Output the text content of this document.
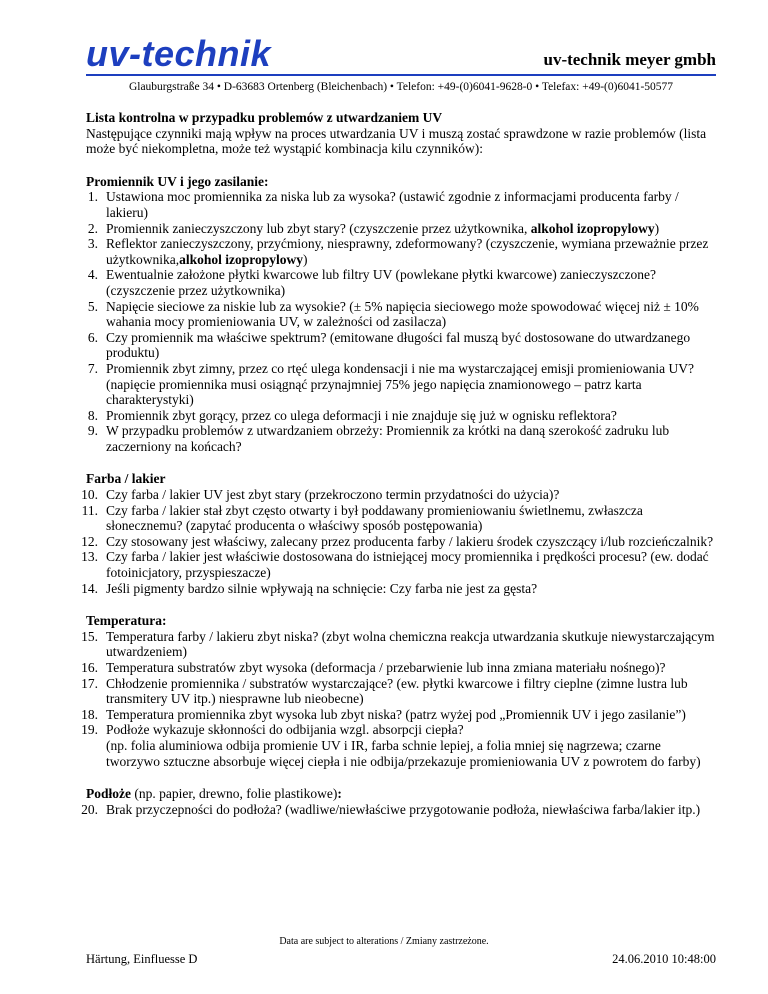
uv-technik	uv-technik meyer gmbh
Glauburgstraße 34 • D-63683 Ortenberg (Bleichenbach) • Telefon: +49-(0)6041-9628-0 • Telefax: +49-(0)6041-50577

Lista kontrolna w przypadku problemów z utwardzaniem UV

Następujące czynniki mają wpływ na proces utwardzania UV i muszą zostać sprawdzone w razie problemów (lista może być niekompletna, może też wystąpić kombinacja kilu czynników):

Promiennik UV i jego zasilanie:

1. Ustawiona moc promiennika za niska lub za wysoka? (ustawić zgodnie z informacjami producenta farby / lakieru)
2. Promiennik zanieczyszczony lub zbyt stary? (czyszczenie przez użytkownika, alkohol izopropylowy)
3. Reflektor zanieczyszczony, przyćmiony, niesprawny, zdeformowany? (czyszczenie, wymiana przeważnie przez użytkownika,alkohol izopropylowy)
4. Ewentualnie założone płytki kwarcowe lub filtry UV (powlekane płytki kwarcowe) zanieczyszczone? (czyszczenie przez użytkownika)
5. Napięcie sieciowe za niskie lub za wysokie? (± 5% napięcia sieciowego może spowodować więcej niż ± 10% wahania mocy promieniowania UV, w zależności od zasilacza)
6. Czy promiennik ma właściwe spektrum? (emitowane długości fal muszą być dostosowane do utwardzanego produktu)
7. Promiennik zbyt zimny, przez co rtęć ulega kondensacji i nie ma wystarczającej emisji promieniowania UV?
(napięcie promiennika musi osiągnąć przynajmniej 75% jego napięcia znamionowego – patrz karta charakterystyki)
8. Promiennik zbyt gorący, przez co ulega deformacji i nie znajduje się już w ognisku reflektora?
9. W przypadku problemów z utwardzaniem obrzeży: Promiennik za krótki na daną szerokość zadruku lub zaczerniony na końcach?

Farba / lakier

10. Czy farba / lakier UV jest zbyt stary (przekroczono termin przydatności do użycia)?
11. Czy farba / lakier stał zbyt często otwarty i był poddawany promieniowaniu świetlnemu, zwłaszcza słonecznemu? (zapytać producenta o właściwy sposób postępowania)
12. Czy stosowany jest właściwy, zalecany przez producenta farby / lakieru środek czyszczący i/lub rozcieńczalnik?
13. Czy farba / lakier jest właściwie dostosowana do istniejącej mocy promiennika i prędkości procesu? (ew. dodać fotoinicjatory, przyspieszacze)
14. Jeśli pigmenty bardzo silnie wpływają na schnięcie: Czy farba nie jest za gęsta?

Temperatura:

15. Temperatura farby / lakieru zbyt niska? (zbyt wolna chemiczna reakcja utwardzania skutkuje niewystarczającym utwardzeniem)
16. Temperatura substratów zbyt wysoka (deformacja / przebarwienie lub inna zmiana materiału nośnego)?
17. Chłodzenie promiennika / substratów wystarczające? (ew. płytki kwarcowe i filtry cieplne (zimne lustra lub transmitery UV itp.) niesprawne lub nieobecne)
18. Temperatura promiennika zbyt wysoka lub zbyt niska? (patrz wyżej pod „Promiennik UV i jego zasilanie”)
19. Podłoże wykazuje skłonności do odbijania wzgl. absorpcji ciepła?
(np. folia aluminiowa odbija promienie UV i IR, farba schnie lepiej, a folia mniej się nagrzewa; czarne tworzywo sztuczne absorbuje więcej ciepła i nie odbija/przekazuje promieniowania UV z powrotem do farby)

Podłoże (np. papier, drewno, folie plastikowe):

20. Brak przyczepności do podłoża? (wadliwe/niewłaściwe przygotowanie podłoża, niewłaściwa farba/lakier itp.)
Data are subject to alterations / Zmiany zastrzeżone.
Härtung, Einfluesse D	24.06.2010 10:48:00
